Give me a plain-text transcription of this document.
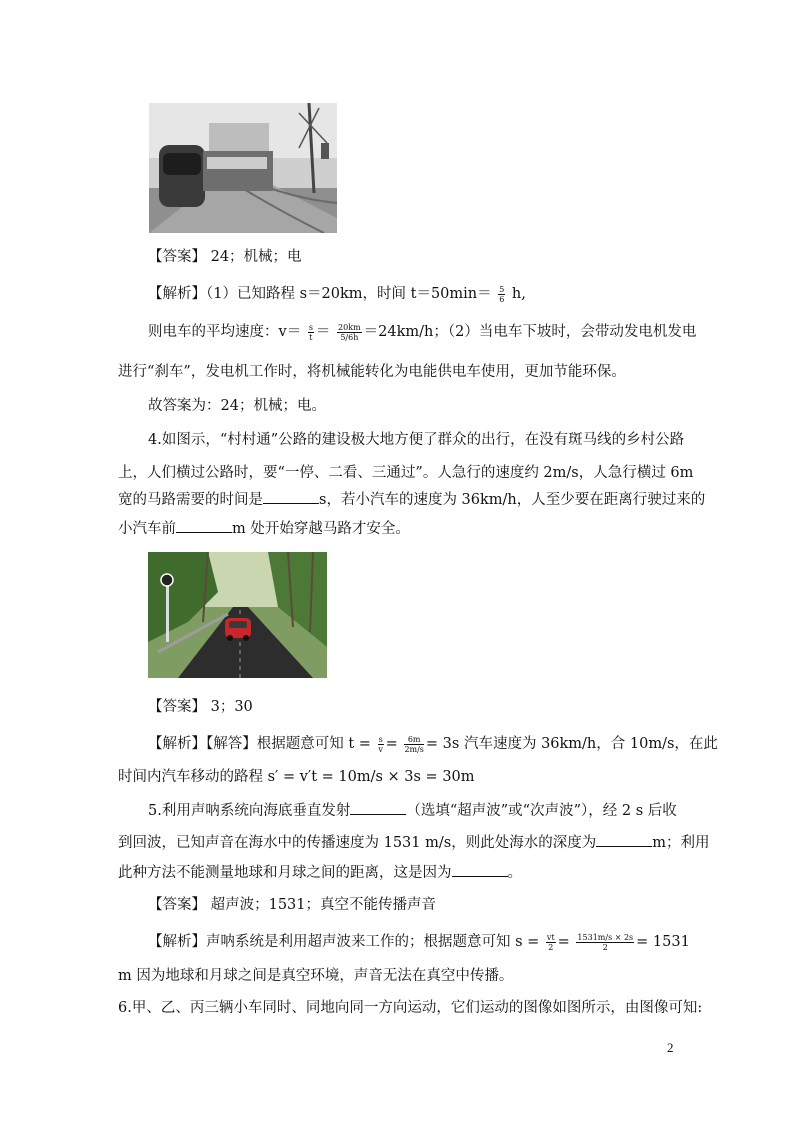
【答案】 24；机械；电
【解析】（1）已知路程 s＝20km，时间 $t=50\min= \frac{5}{6} h$,
则电车的平均速度：$v= \frac{s}{t} = \frac{20km}{5/6h} =24km/h$；（2）当电车下坡时，会带动发电机发电
进行“刹车”，发电机工作时，将机械能转化为电能供电车使用，更加节能环保。
故答案为：24；机械；电。
4.如图示，“村村通”公路的建设极大地方便了群众的出行，在没有斑马线的乡村公路
上，人们横过公路时，要“一停、二看、三通过”。人急行的速度约 2m/s，人急行横过 6m
宽的马路需要的时间是	s，若小汽车的速度为 36km/h，人至少要在距离行驶过来的
小汽车前	m 处开始穿越马路才安全。
【答案】 3；30
【解析】【解答】根据题意可知 $t = \frac{s}{v} = \frac{6m}{2m/s} = 3s$ 汽车速度为 36km/h，合 10m/s，在此
时间内汽车移动的路程 s′ = v′t = 10m/s × 3s = 30m
5.利用声呐系统向海底垂直发射	（选填“超声波”或“次声波”），经 2 s 后收
到回波，已知声音在海水中的传播速度为 1531 m/s，则此处海水的深度为	m；利用
此种方法不能测量地球和月球之间的距离，这是因为	。
【答案】 超声波；1531；真空不能传播声音
【解析】声呐系统是利用超声波来工作的；根据题意可知 $s = \frac{vt}{2} = \frac{1531m/s \times 2s}{2} = 1531$
m 因为地球和月球之间是真空环境，声音无法在真空中传播。
6.甲、乙、丙三辆小车同时、同地向同一方向运动，它们运动的图像如图所示，由图像可知:
2
